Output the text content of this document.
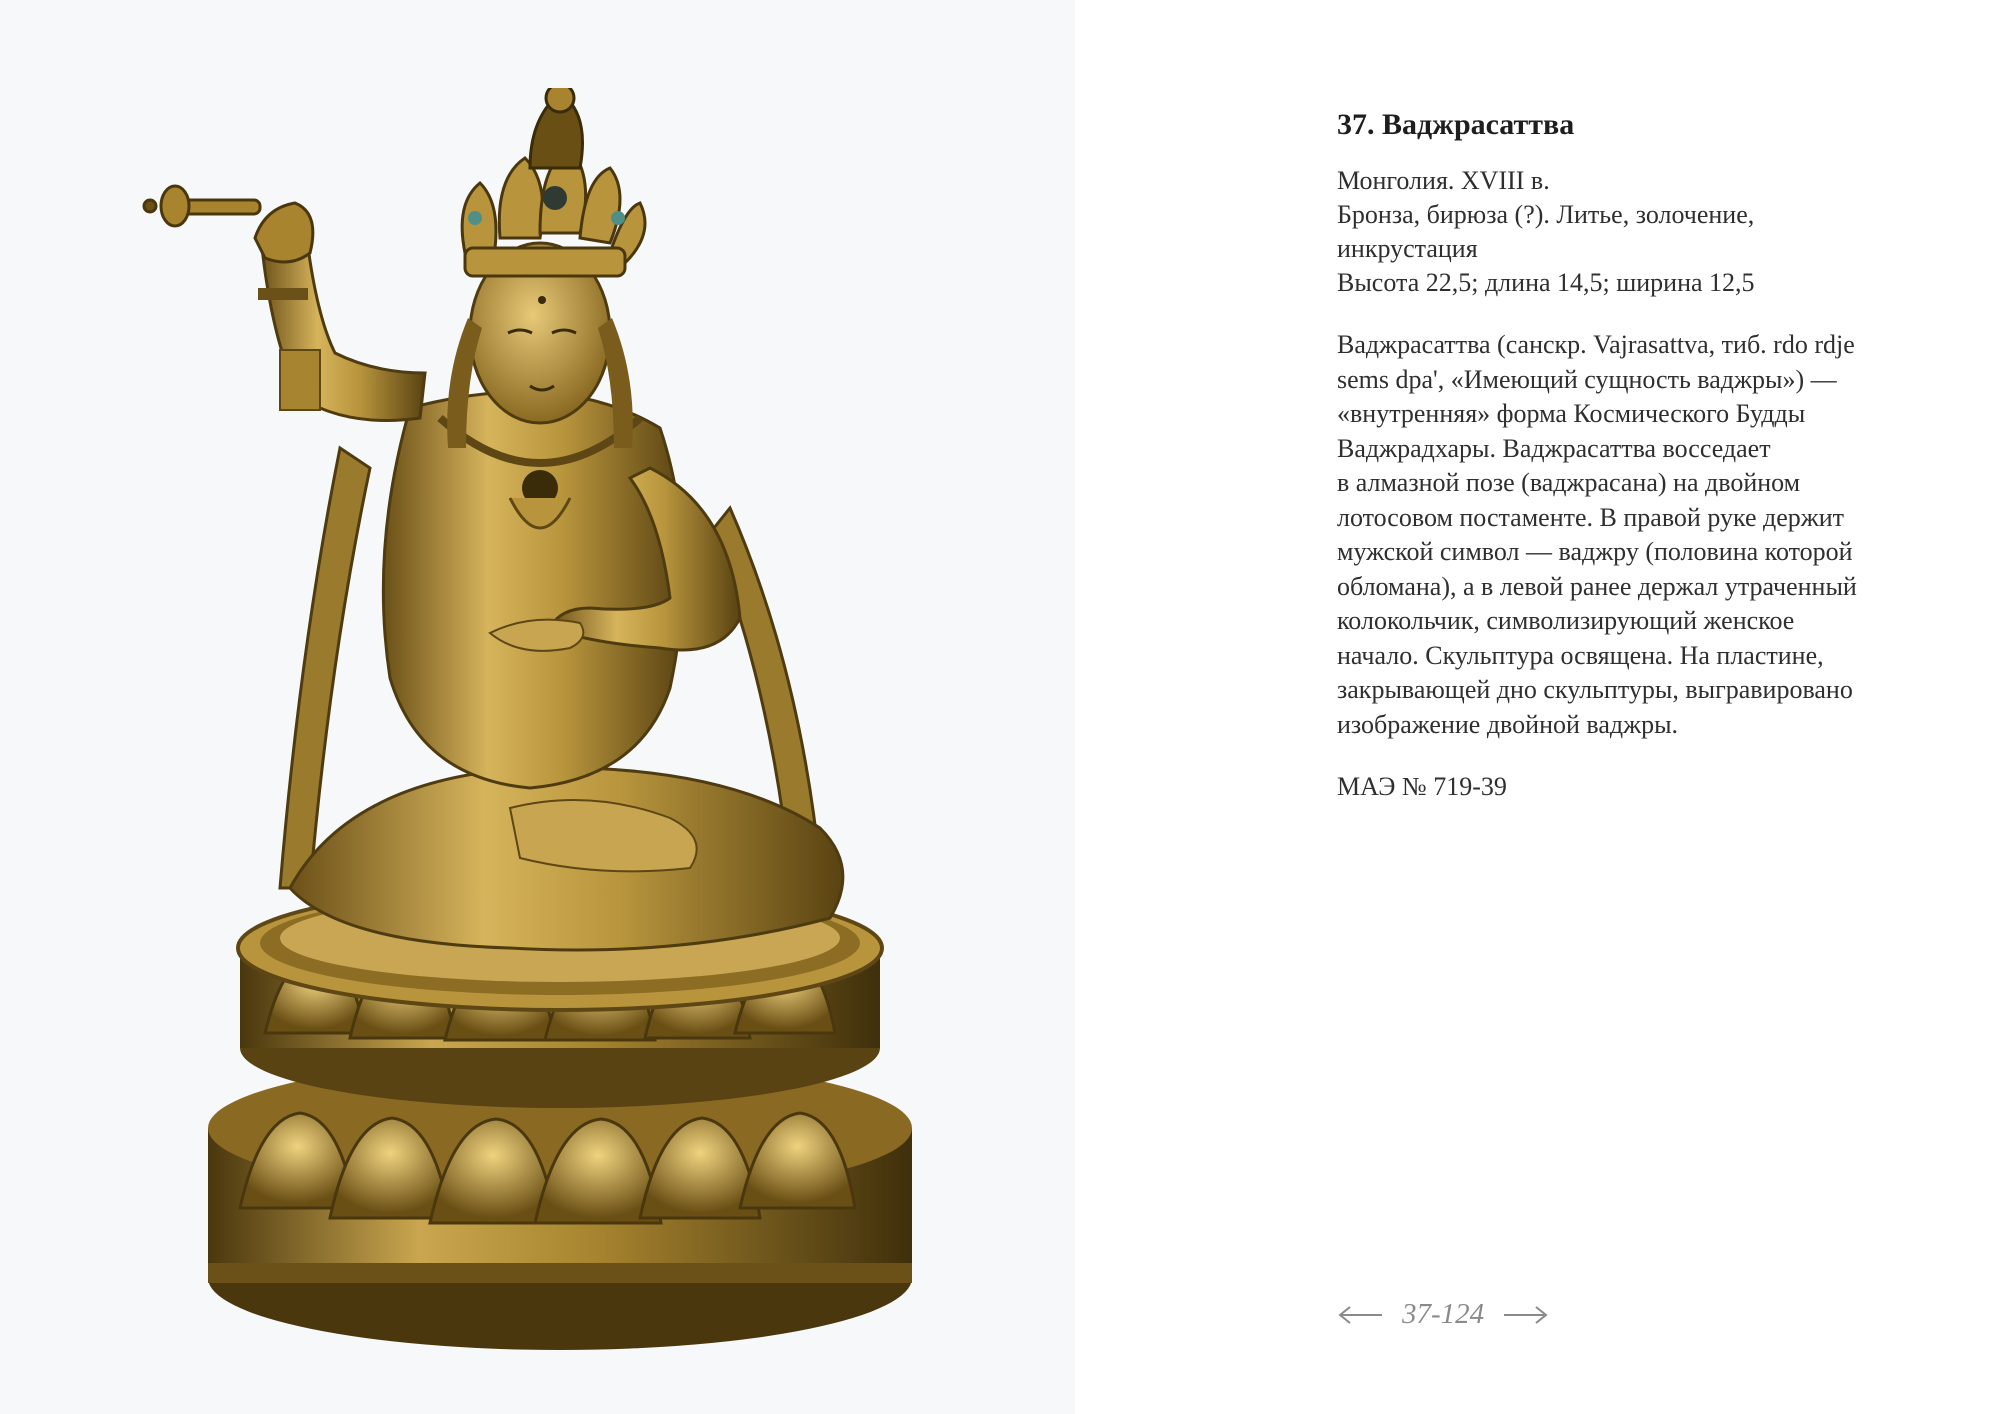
37. Ваджрасаттва
Монголия. XVIII в.
Бронза, бирюза (?). Литье, золочение,
инкрустация
Высота 22,5; длина 14,5; ширина 12,5
Ваджрасаттва (санскр. Vajrasattva, тиб. rdo rdje
sems dpa', «Имеющий сущность ваджры») —
«внутренняя» форма Космического Будды
Ваджрадхары. Ваджрасаттва восседает
в алмазной позе (ваджрасана) на двойном
лотосовом постаменте. В правой руке держит
мужской символ — ваджру (половина которой
обломана), а в левой ранее держал утраченный
колокольчик, символизирующий женское
начало. Скульптура освящена. На пластине,
закрывающей дно скульптуры, выгравировано
изображение двойной ваджры.
МАЭ № 719-39
37-124
